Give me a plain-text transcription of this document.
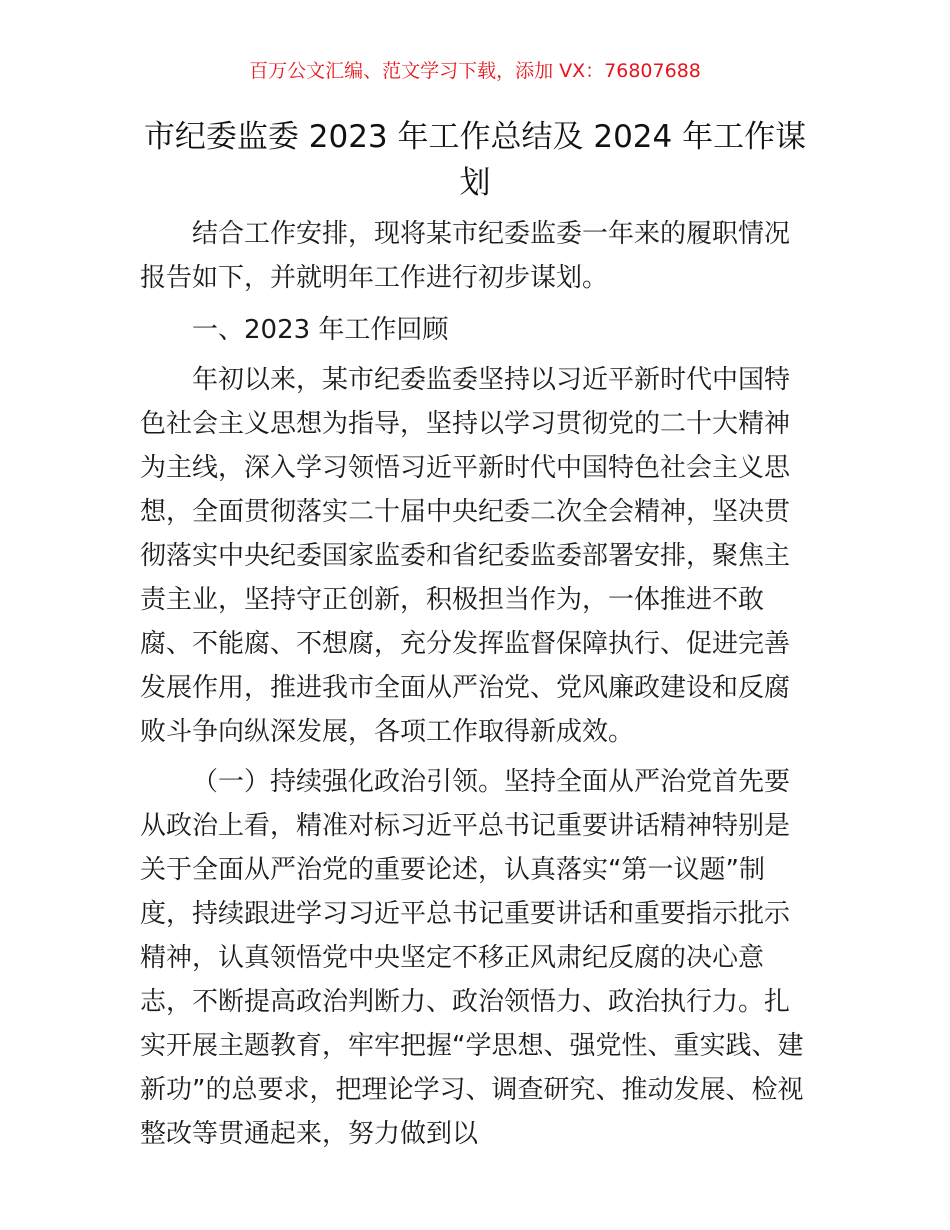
百万公文汇编、范文学习下载，添加 VX：76807688
市纪委监委 2023 年工作总结及 2024 年工作谋划

结合工作安排，现将某市纪委监委一年来的履职情况报告如下，并就明年工作进行初步谋划。

一、2023 年工作回顾

年初以来，某市纪委监委坚持以习近平新时代中国特色社会主义思想为指导，坚持以学习贯彻党的二十大精神为主线，深入学习领悟习近平新时代中国特色社会主义思想，全面贯彻落实二十届中央纪委二次全会精神，坚决贯彻落实中央纪委国家监委和省纪委监委部署安排，聚焦主责主业，坚持守正创新，积极担当作为，一体推进不敢腐、不能腐、不想腐，充分发挥监督保障执行、促进完善发展作用，推进我市全面从严治党、党风廉政建设和反腐败斗争向纵深发展，各项工作取得新成效。

（一）持续强化政治引领。坚持全面从严治党首先要从政治上看，精准对标习近平总书记重要讲话精神特别是关于全面从严治党的重要论述，认真落实“第一议题”制度，持续跟进学习习近平总书记重要讲话和重要指示批示精神，认真领悟党中央坚定不移正风肃纪反腐的决心意志，不断提高政治判断力、政治领悟力、政治执行力。扎实开展主题教育，牢牢把握“学思想、强党性、重实践、建新功”的总要求，把理论学习、调查研究、推动发展、检视整改等贯通起来，努力做到以
